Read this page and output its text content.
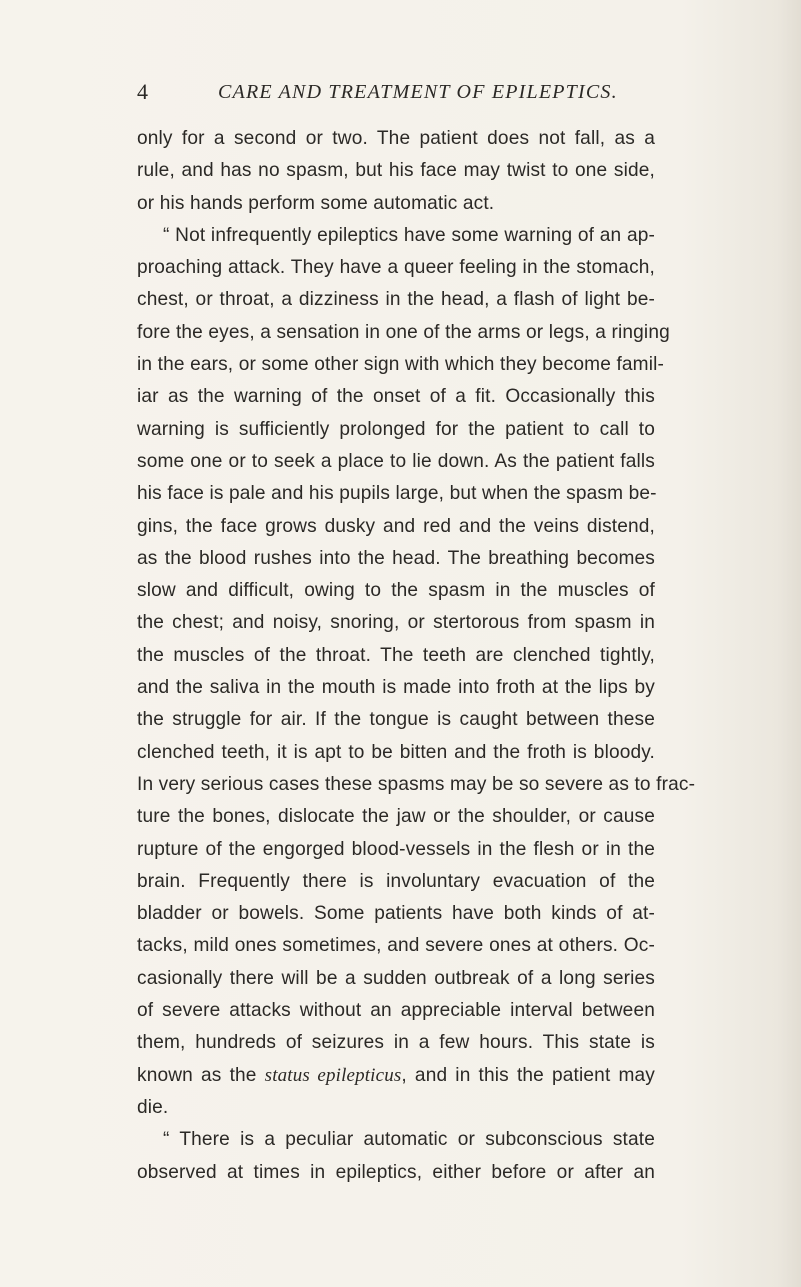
4	CARE AND TREATMENT OF EPILEPTICS.

only for a second or two. The patient does not fall, as a
rule, and has no spasm, but his face may twist to one side,
or his hands perform some automatic act.

“ Not infrequently epileptics have some warning of an ap-

proaching attack. They have a queer feeling in the stomach,
chest, or throat, a dizziness in the head, a flash of light be-
fore the eyes, a sensation in one of the arms or legs, a ringing
in the ears, or some other sign with which they become famil-
iar as the warning of the onset of a fit. Occasionally this
warning is sufficiently prolonged for the patient to call to
some one or to seek a place to lie down. As the patient falls
his face is pale and his pupils large, but when the spasm be-
gins, the face grows dusky and red and the veins distend,
as the blood rushes into the head. The breathing becomes
slow and difficult, owing to the spasm in the muscles of
the chest; and noisy, snoring, or stertorous from spasm in
the muscles of the throat. The teeth are clenched tightly,
and the saliva in the mouth is made into froth at the lips by
the struggle for air. If the tongue is caught between these
clenched teeth, it is apt to be bitten and the froth is bloody.
In very serious cases these spasms may be so severe as to frac-
ture the bones, dislocate the jaw or the shoulder, or cause
rupture of the engorged blood-vessels in the flesh or in the
brain. Frequently there is involuntary evacuation of the
bladder or bowels. Some patients have both kinds of at-
tacks, mild ones sometimes, and severe ones at others. Oc-
casionally there will be a sudden outbreak of a long series
of severe attacks without an appreciable interval between
them, hundreds of seizures in a few hours. This state is
known as the status epilepticus, and in this the patient may
die.

“ There is a peculiar automatic or subconscious state

observed at times in epileptics, either before or after an
